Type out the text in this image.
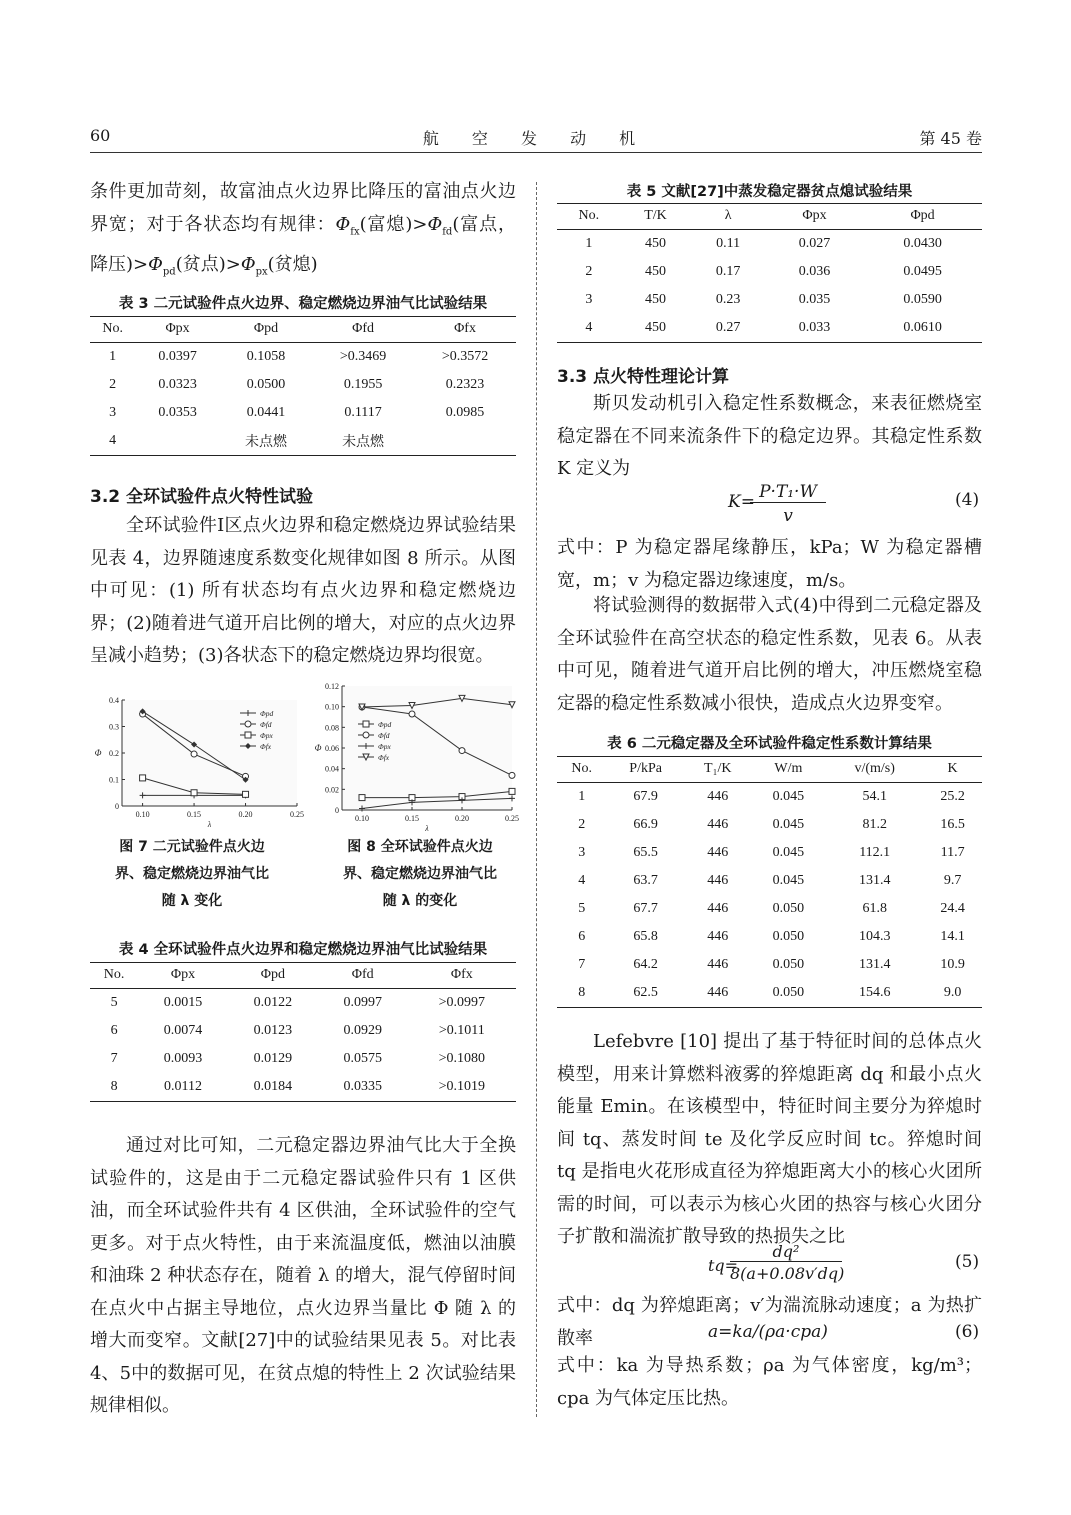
60	航 空 发 动 机	第 45 卷

条件更加苛刻，故富油点火边界比降压的富油点火边界宽；对于各状态均有规律：$\Phi_{fx}$(富熄)$>\Phi_{fd}$(富点，降压)$>\Phi_{pd}$(贫点)$>\Phi_{px}$(贫熄)

表 3 二元试验件点火边界、稳定燃烧边界油气比试验结果
No.	Φpx	Φpd	Φfd	Φfx
1	0.0397	0.1058	>0.3469	>0.3572
2	0.0323	0.0500	0.1955	0.2323
3	0.0353	0.0441	0.1117	0.0985
4		未点燃	未点燃	
3.2 全环试验件点火特性试验

全环试验件Ⅰ区点火边界和稳定燃烧边界试验结果见表 4，边界随速度系数变化规律如图 8 所示。从图中可见：(1) 所有状态均有点火边界和稳定燃烧边界；(2)随着进气道开启比例的增大，对应的点火边界呈减小趋势；(3)各状态下的稳定燃烧边界均很宽。

0
0.1
0.2
0.3
0.4
0.10	0.15	0.20	0.25
λ
Φ
Φpd
Φfd
Φpx
Φfx
0
0.02
0.04
0.06
0.08
0.10
0.12
0.10	0.15	0.20	0.25
λ
Φ
Φpd
Φfd
Φpx
Φfx
图 7 二元试验件点火边
界、稳定燃烧边界油气比
随 λ 变化
图 8 全环试验件点火边
界、稳定燃烧边界油气比
随 λ 的变化
表 4 全环试验件点火边界和稳定燃烧边界油气比试验结果
No.	Φpx	Φpd	Φfd	Φfx
5	0.0015	0.0122	0.0997	>0.0997
6	0.0074	0.0123	0.0929	>0.1011
7	0.0093	0.0129	0.0575	>0.1080
8	0.0112	0.0184	0.0335	>0.1019

通过对比可知，二元稳定器边界油气比大于全换试验件的，这是由于二元稳定器试验件只有 1 区供油，而全环试验件共有 4 区供油，全环试验件的空气更多。对于点火特性，由于来流温度低，燃油以油膜和油珠 2 种状态存在，随着 λ 的增大，混气停留时间在点火中占据主导地位，点火边界当量比 Φ 随 λ 的增大而变窄。文献[27]中的试验结果见表 5。对比表 4、5中的数据可见，在贫点熄的特性上 2 次试验结果规律相似。

表 5 文献[27]中蒸发稳定器贫点熄试验结果
No.	T/K	λ	Φpx	Φpd
1	450	0.11	0.027	0.0430
2	450	0.17	0.036	0.0495
3	450	0.23	0.035	0.0590
4	450	0.27	0.033	0.0610
3.3 点火特性理论计算

斯贝发动机引入稳定性系数概念，来表征燃烧室稳定器在不同来流条件下的稳定边界。其稳定性系数 K 定义为

K= P·T₁·W
v
(4)

式中：P 为稳定器尾缘静压，kPa；W 为稳定器槽宽，m；v 为稳定器边缘速度，m/s。

将试验测得的数据带入式(4)中得到二元稳定器及全环试验件在高空状态的稳定性系数，见表 6。从表中可见，随着进气道开启比例的增大，冲压燃烧室稳定器的稳定性系数减小很快，造成点火边界变窄。

表 6 二元稳定器及全环试验件稳定性系数计算结果
No.	P/kPa	T₁/K	W/m	v/(m/s)	K
1	67.9	446	0.045	54.1	25.2
2	66.9	446	0.045	81.2	16.5
3	65.5	446	0.045	112.1	11.7
4	63.7	446	0.045	131.4	9.7
5	67.7	446	0.050	61.8	24.4
6	65.8	446	0.050	104.3	14.1
7	64.2	446	0.050	131.4	10.9
8	62.5	446	0.050	154.6	9.0

Lefebvre [10] 提出了基于特征时间的总体点火模型，用来计算燃料液雾的猝熄距离 dq 和最小点火能量 Emin。在该模型中，特征时间主要分为猝熄时间 tq、蒸发时间 te 及化学反应时间 tc。猝熄时间 tq 是指电火花形成直径为猝熄距离大小的核心火团所需的时间，可以表示为核心火团的热容与核心火团分子扩散和湍流扩散导致的热损失之比

tq=
dq²
8(a+0.08v′dq)
(5)

式中：dq 为猝熄距离；v′为湍流脉动速度；a 为热扩散率	a=ka/(ρa·cpa)	(6)

式中：ka 为导热系数；ρa 为气体密度，kg/m³；cpa 为气体定压比热。
